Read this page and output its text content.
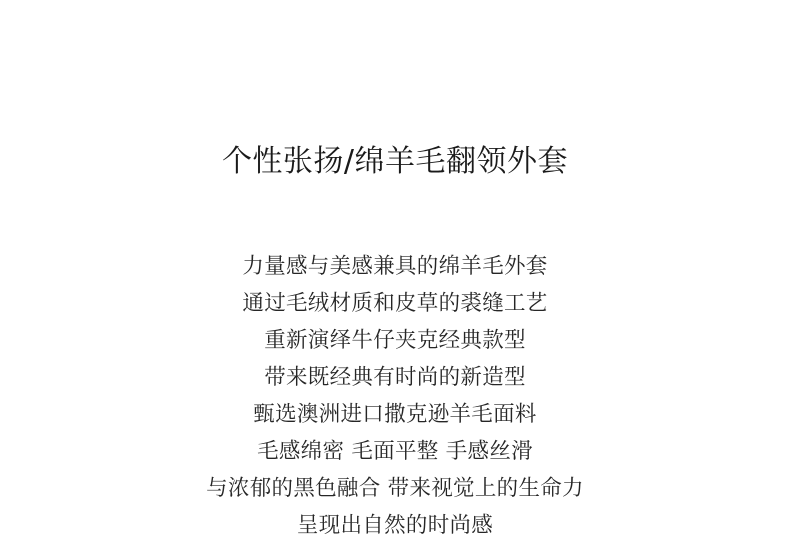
个性张扬/绵羊毛翻领外套
力量感与美感兼具的绵羊毛外套
通过毛绒材质和皮草的裘缝工艺
重新演绎牛仔夹克经典款型
带来既经典有时尚的新造型
甄选澳洲进口撒克逊羊毛面料
毛感绵密 毛面平整 手感丝滑
与浓郁的黑色融合 带来视觉上的生命力
呈现出自然的时尚感
